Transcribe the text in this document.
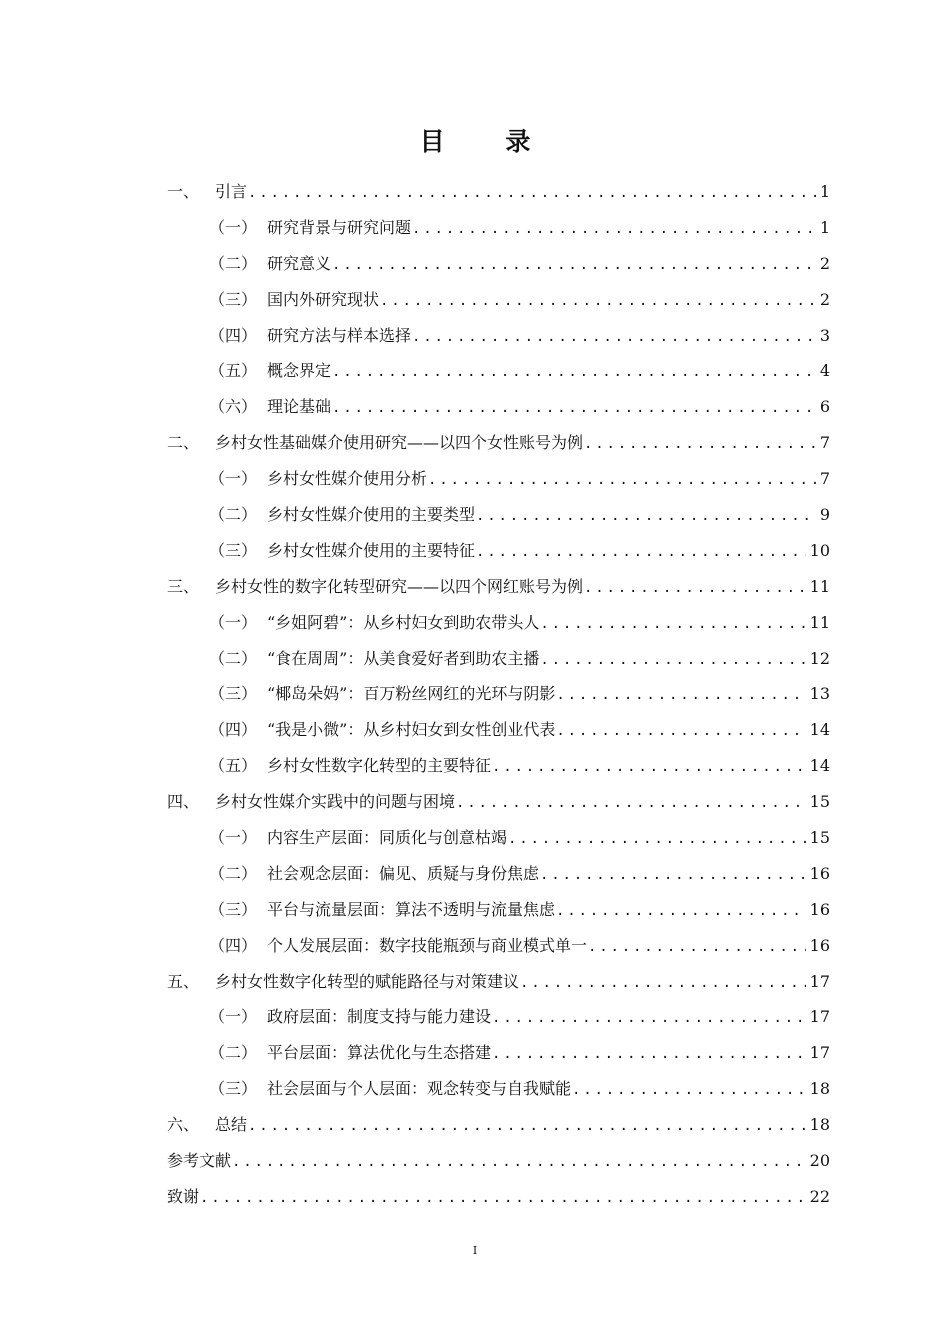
目 录
一、 引言 . . .	1
（一） 研究背景与研究问题 . . .	1
（二） 研究意义 . . .	2
（三） 国内外研究现状 . . .	2
（四） 研究方法与样本选择 . . .	3
（五） 概念界定 . . .	4
（六） 理论基础 . . .	6
二、 乡村女性基础媒介使用研究——以四个女性账号为例 . . .	7
（一） 乡村女性媒介使用分析 . . .	7
（二） 乡村女性媒介使用的主要类型 . . .	9
（三） 乡村女性媒介使用的主要特征 . . .	10
三、 乡村女性的数字化转型研究——以四个网红账号为例 . . .	11
（一） “乡姐阿碧”：从乡村妇女到助农带头人 . . .	11
（二） “食在周周”：从美食爱好者到助农主播 . . .	12
（三） “椰岛朵妈”：百万粉丝网红的光环与阴影 . . .	13
（四） “我是小微”：从乡村妇女到女性创业代表 . . .	14
（五） 乡村女性数字化转型的主要特征 . . .	14
四、 乡村女性媒介实践中的问题与困境 . . .	15
（一） 内容生产层面：同质化与创意枯竭 . . .	15
（二） 社会观念层面：偏见、质疑与身份焦虑 . . .	16
（三） 平台与流量层面：算法不透明与流量焦虑 . . .	16
（四） 个人发展层面：数字技能瓶颈与商业模式单一 . . .	16
五、 乡村女性数字化转型的赋能路径与对策建议 . . .	17
（一） 政府层面：制度支持与能力建设 . . .	17
（二） 平台层面：算法优化与生态搭建 . . .	17
（三） 社会层面与个人层面：观念转变与自我赋能 . . .	18
六、 总结 . . .	18
参考文献 . . .	20
致谢 . . .	22
I
